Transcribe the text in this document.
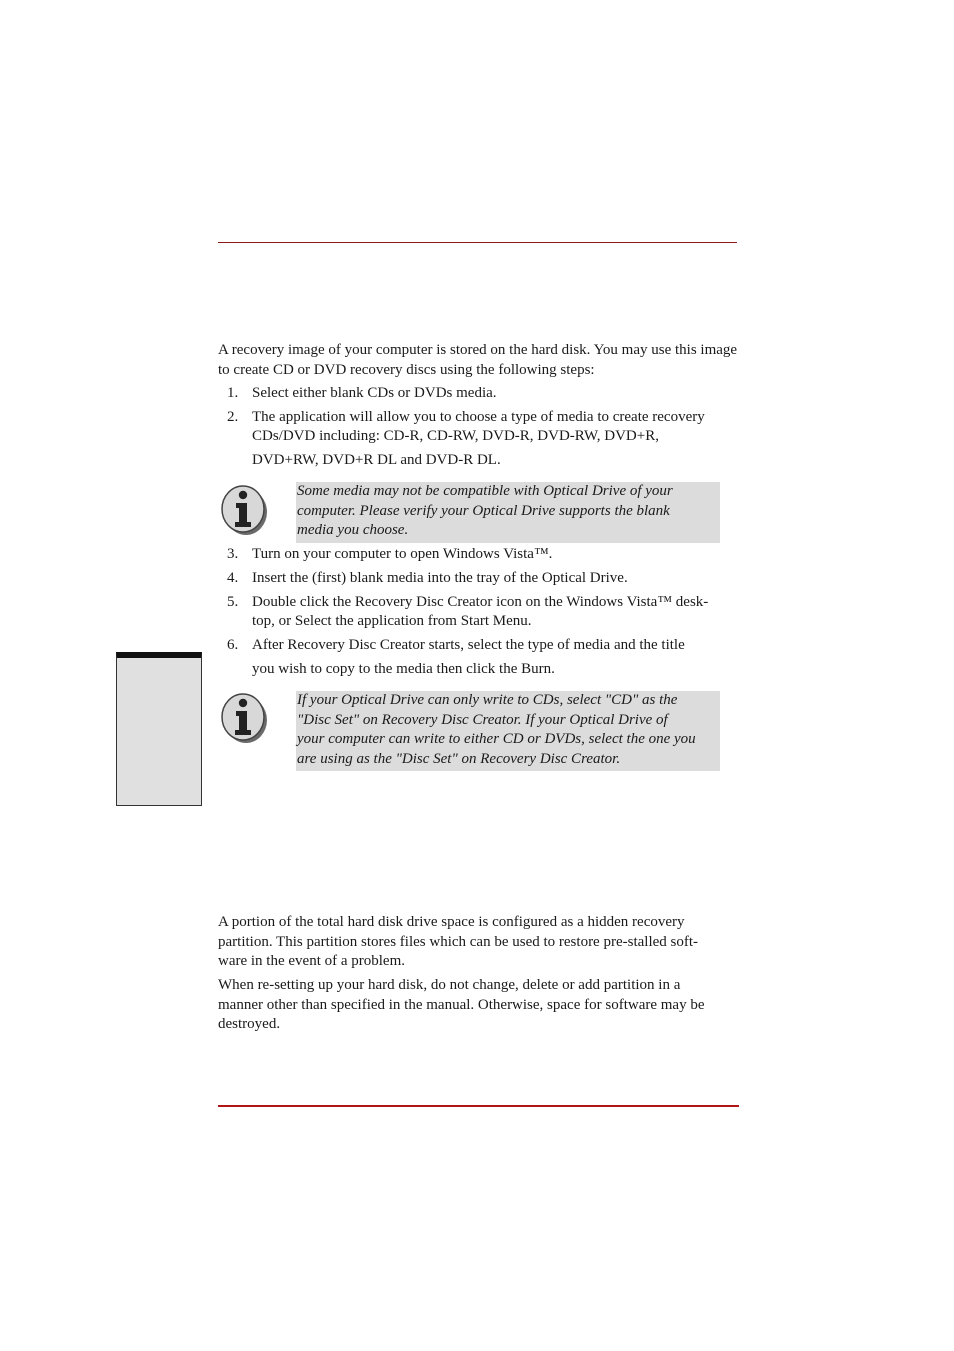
A recovery image of your computer is stored on the hard disk. You may use this image to create CD or DVD recovery discs using the following steps:

1. Select either blank CDs or DVDs media.
2. The application will allow you to choose a type of media to create recovery
CDs/DVD including: CD-R, CD-RW, DVD-R, DVD-RW, DVD+R,
DVD+RW, DVD+R DL and DVD-R DL.
Some media may not be compatible with Optical Drive of your
computer. Please verify your Optical Drive supports the blank
media you choose.
3. Turn on your computer to open Windows Vista™.
4. Insert the (first) blank media into the tray of the Optical Drive.
5. Double click the Recovery Disc Creator icon on the Windows Vista™ desk-
top, or Select the application from Start Menu.
6. After Recovery Disc Creator starts, select the type of media and the title
you wish to copy to the media then click the Burn.
If your Optical Drive can only write to CDs, select "CD" as the
"Disc Set" on Recovery Disc Creator. If your Optical Drive of
your computer can write to either CD or DVDs, select the one you
are using as the "Disc Set" on Recovery Disc Creator.
A portion of the total hard disk drive space is configured as a hidden recovery
partition. This partition stores files which can be used to restore pre-stalled soft-
ware in the event of a problem.
When re-setting up your hard disk, do not change, delete or add partition in a
manner other than specified in the manual. Otherwise, space for software may be
destroyed.
